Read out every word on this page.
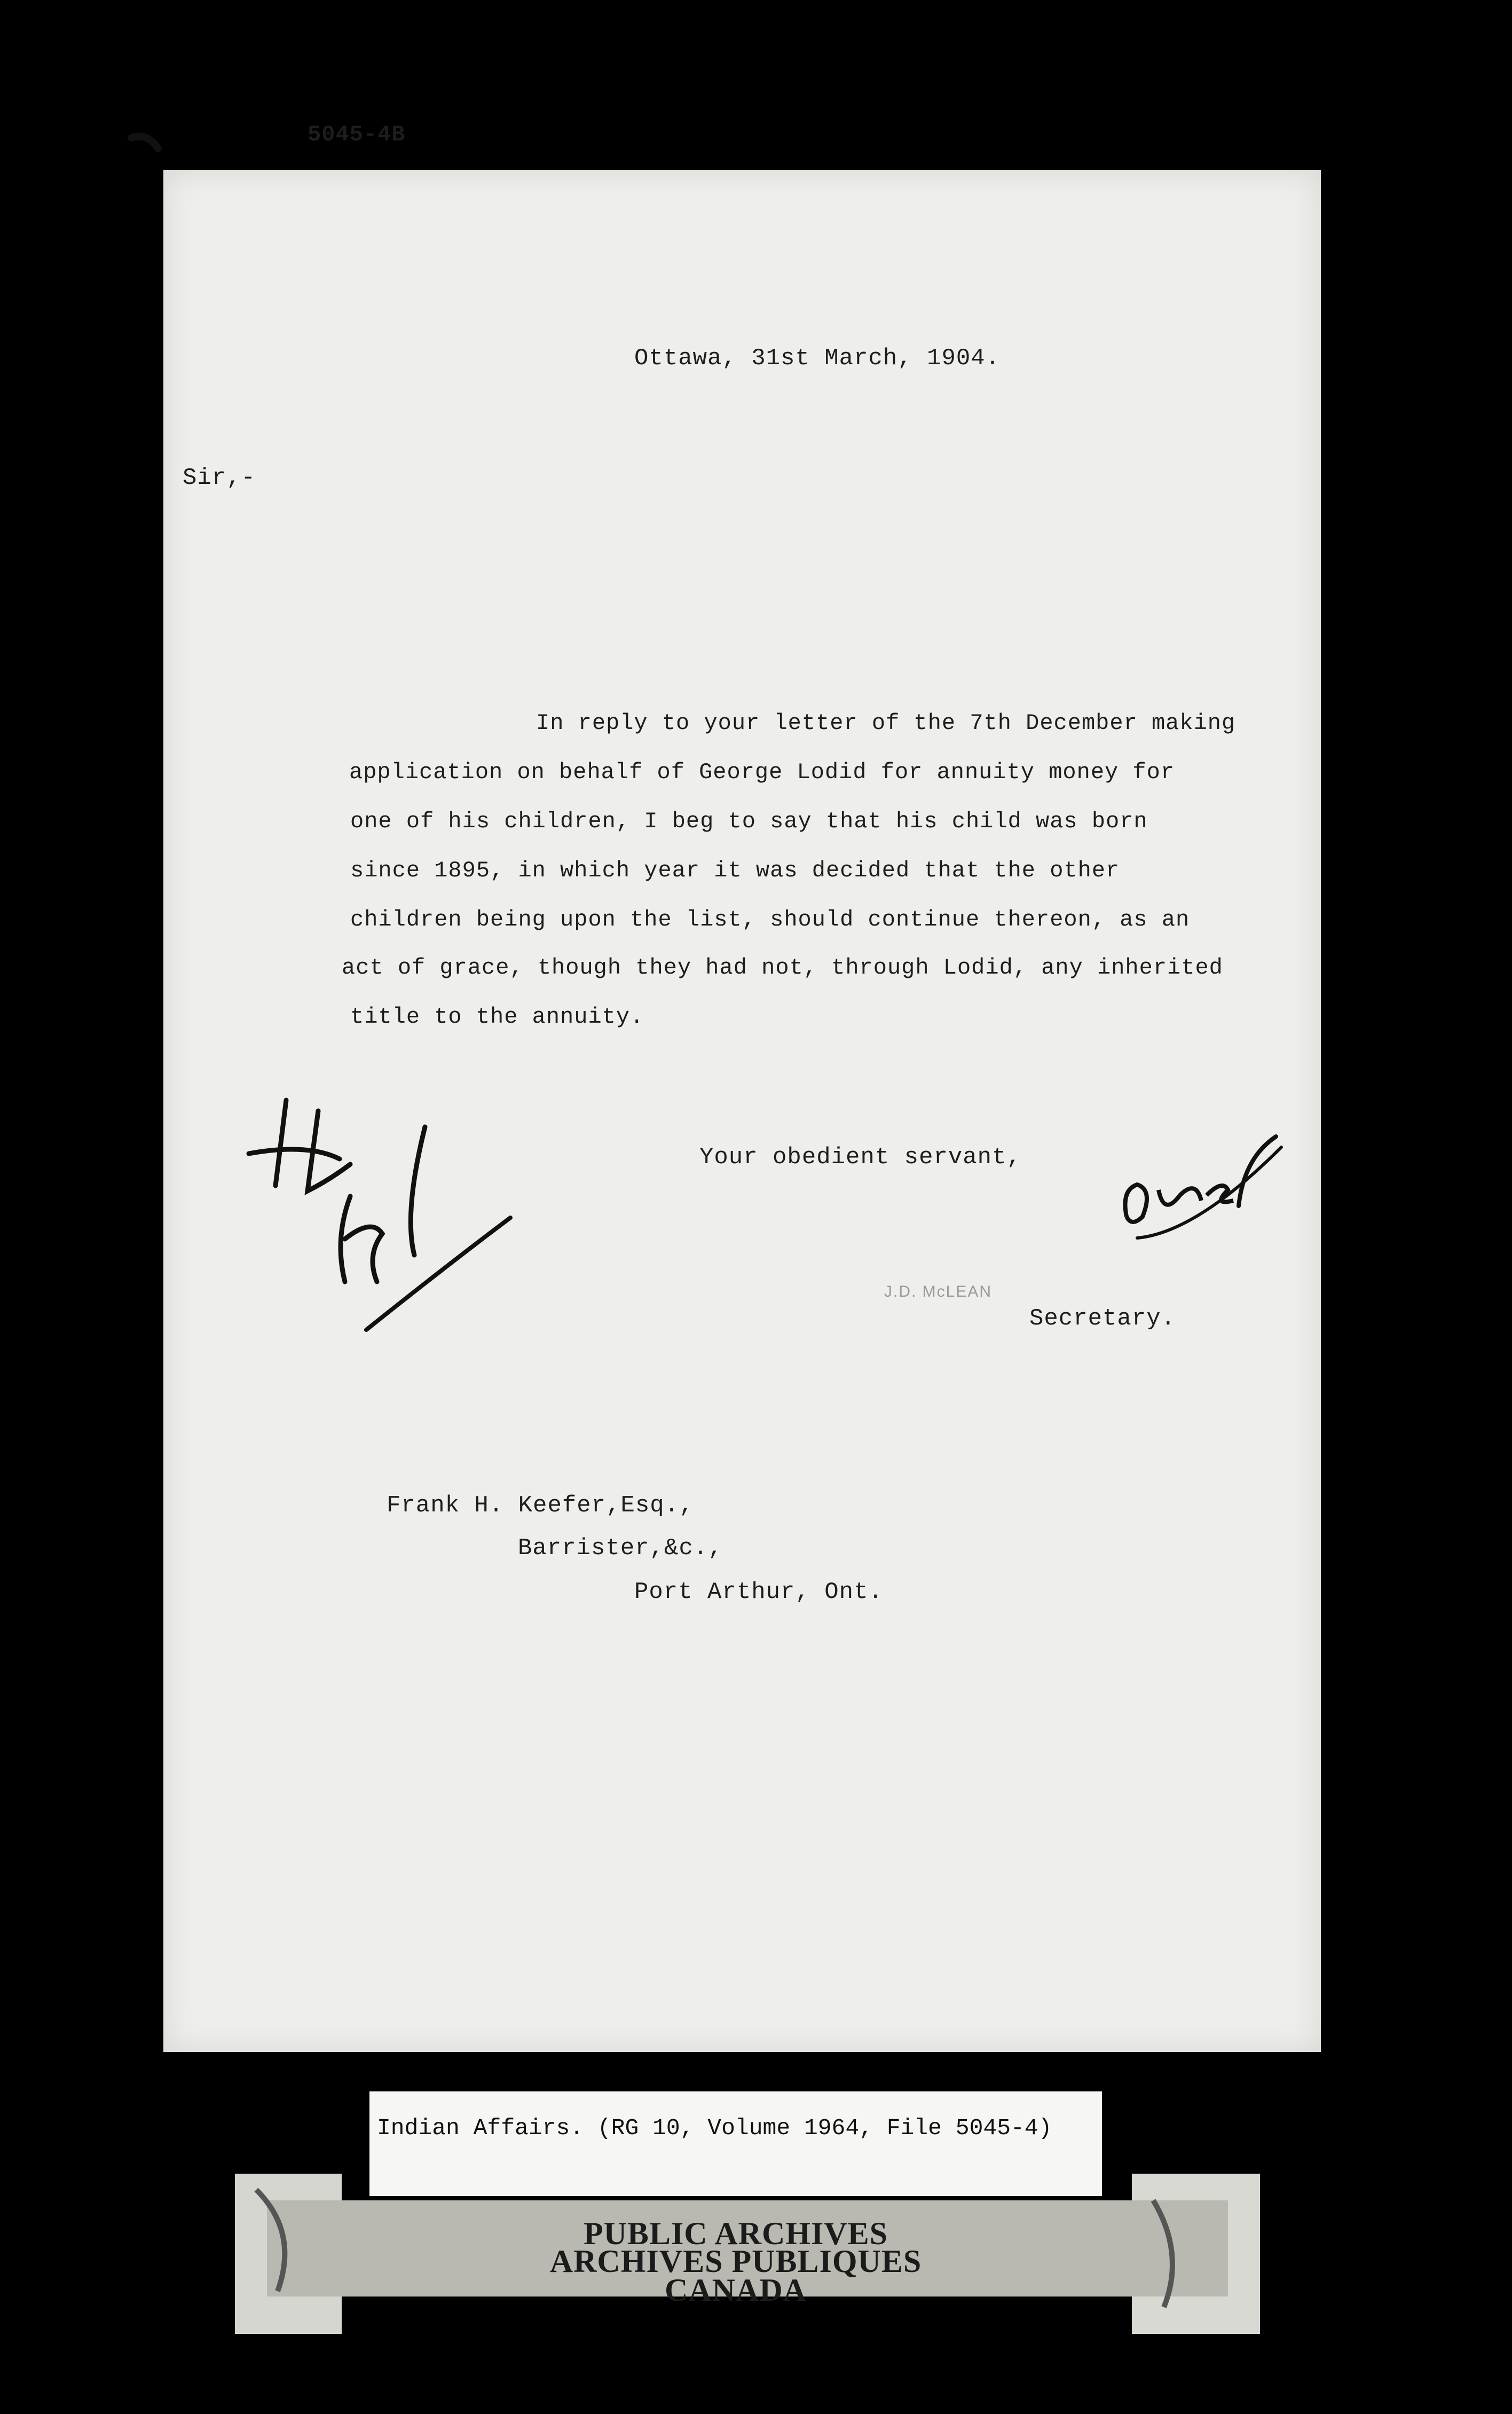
5045-4B
Ottawa, 31st March, 1904.
Sir,-
In reply to your letter of the 7th December making
application on behalf of George Lodid for annuity money for
one of his children, I beg to say that his child was born
since 1895, in which year it was decided that the other
children being upon the list, should continue thereon, as an
act of grace, though they had not, through Lodid, any inherited
title to the annuity.
Your obedient servant,
J.D. McLEAN
Secretary.
Frank H. Keefer,Esq.,
Barrister,&c.,
Port Arthur, Ont.
Indian Affairs. (RG 10, Volume 1964, File 5045-4)
PUBLIC ARCHIVES
ARCHIVES PUBLIQUES
CANADA
